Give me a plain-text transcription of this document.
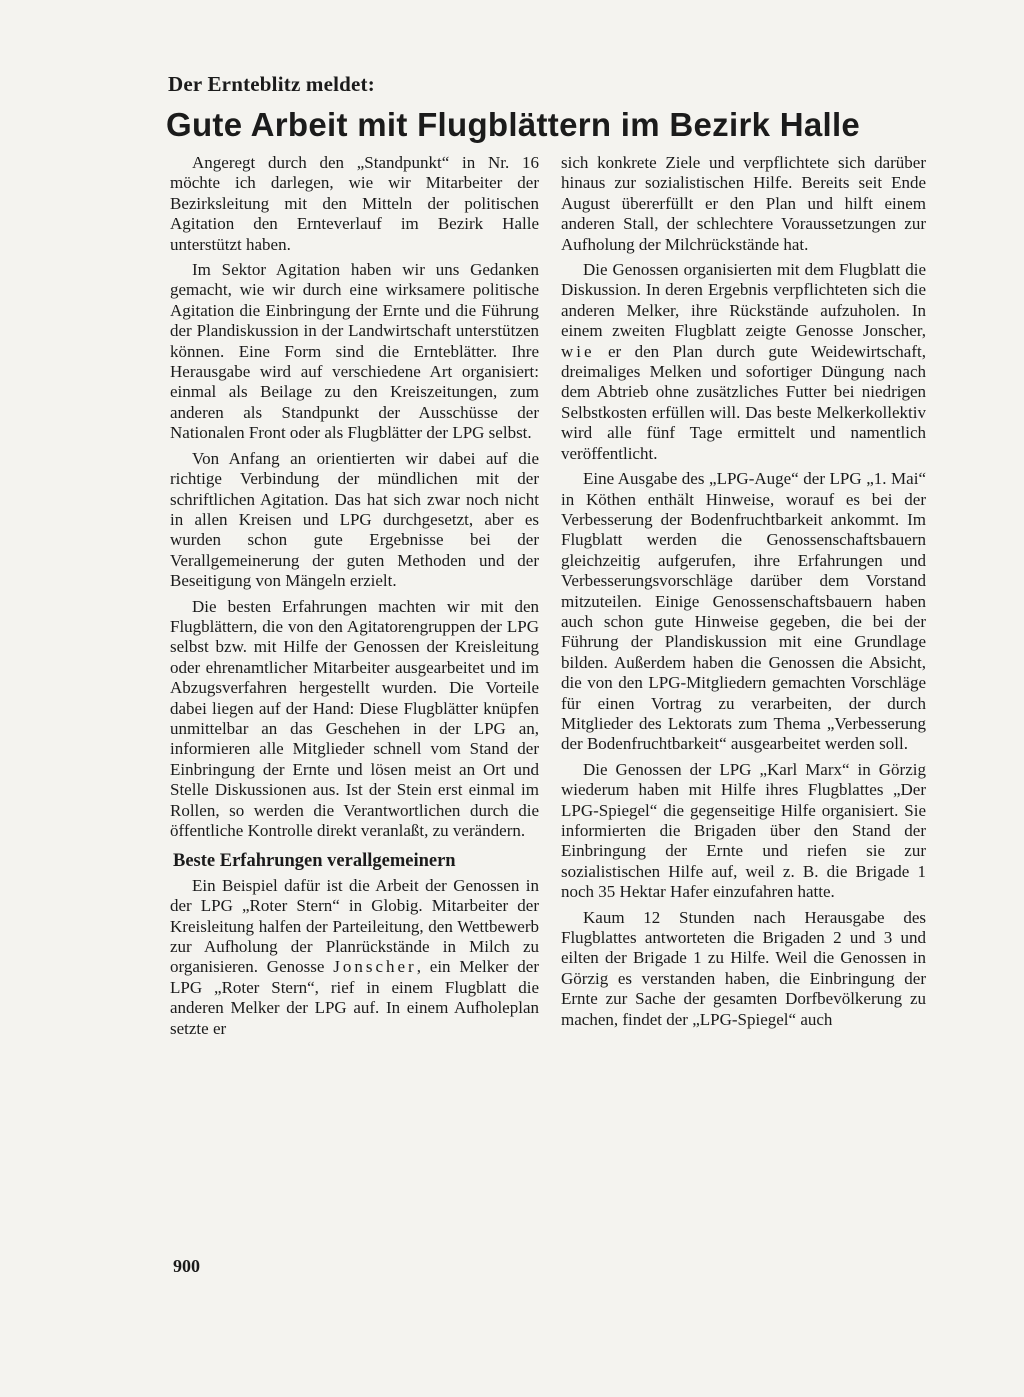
Der Ernteblitz meldet:
Gute Arbeit mit Flugblättern im Bezirk Halle

Angeregt durch den „Standpunkt“ in Nr. 16 möchte ich darlegen, wie wir Mitarbeiter der Bezirksleitung mit den Mitteln der politischen Agitation den Ernteverlauf im Bezirk Halle unterstützt haben.

Im Sektor Agitation haben wir uns Gedanken gemacht, wie wir durch eine wirksamere politische Agitation die Einbringung der Ernte und die Führung der Plandiskussion in der Landwirtschaft unterstützen können. Eine Form sind die Ernteblätter. Ihre Herausgabe wird auf verschiedene Art organisiert: einmal als Beilage zu den Kreiszeitungen, zum anderen als Standpunkt der Ausschüsse der Nationalen Front oder als Flugblätter der LPG selbst.

Von Anfang an orientierten wir dabei auf die richtige Verbindung der mündlichen mit der schriftlichen Agitation. Das hat sich zwar noch nicht in allen Kreisen und LPG durchgesetzt, aber es wurden schon gute Ergebnisse bei der Verallgemeinerung der guten Methoden und der Beseitigung von Mängeln erzielt.

Die besten Erfahrungen machten wir mit den Flugblättern, die von den Agitatorengruppen der LPG selbst bzw. mit Hilfe der Genossen der Kreisleitung oder ehrenamtlicher Mitarbeiter ausgearbeitet und im Abzugsverfahren hergestellt wurden. Die Vorteile dabei liegen auf der Hand: Diese Flugblätter knüpfen unmittelbar an das Geschehen in der LPG an, informieren alle Mitglieder schnell vom Stand der Einbringung der Ernte und lösen meist an Ort und Stelle Diskussionen aus. Ist der Stein erst einmal im Rollen, so werden die Verantwortlichen durch die öffentliche Kontrolle direkt veranlaßt, zu verändern.

Beste Erfahrungen verallgemeinern

Ein Beispiel dafür ist die Arbeit der Genossen in der LPG „Roter Stern“ in Globig. Mitarbeiter der Kreisleitung halfen der Parteileitung, den Wettbewerb zur Aufholung der Planrückstände in Milch zu organisieren. Genosse Jonscher, ein Melker der LPG „Roter Stern“, rief in einem Flugblatt die anderen Melker der LPG auf. In einem Aufholeplan setzte er

sich konkrete Ziele und verpflichtete sich darüber hinaus zur sozialistischen Hilfe. Bereits seit Ende August übererfüllt er den Plan und hilft einem anderen Stall, der schlechtere Voraussetzungen zur Aufholung der Milchrückstände hat.

Die Genossen organisierten mit dem Flugblatt die Diskussion. In deren Ergebnis verpflichteten sich die anderen Melker, ihre Rückstände aufzuholen. In einem zweiten Flugblatt zeigte Genosse Jonscher, wie er den Plan durch gute Weidewirtschaft, dreimaliges Melken und sofortiger Düngung nach dem Abtrieb ohne zusätzliches Futter bei niedrigen Selbstkosten erfüllen will. Das beste Melkerkollektiv wird alle fünf Tage ermittelt und namentlich veröffentlicht.

Eine Ausgabe des „LPG-Auge“ der LPG „1. Mai“ in Köthen enthält Hinweise, worauf es bei der Verbesserung der Bodenfruchtbarkeit ankommt. Im Flugblatt werden die Genossenschaftsbauern gleichzeitig aufgerufen, ihre Erfahrungen und Verbesserungsvorschläge darüber dem Vorstand mitzuteilen. Einige Genossenschaftsbauern haben auch schon gute Hinweise gegeben, die bei der Führung der Plandiskussion mit eine Grundlage bilden. Außerdem haben die Genossen die Absicht, die von den LPG-Mitgliedern gemachten Vorschläge für einen Vortrag zu verarbeiten, der durch Mitglieder des Lektorats zum Thema „Verbesserung der Bodenfruchtbarkeit“ ausgearbeitet werden soll.

Die Genossen der LPG „Karl Marx“ in Görzig wiederum haben mit Hilfe ihres Flugblattes „Der LPG-Spiegel“ die gegenseitige Hilfe organisiert. Sie informierten die Brigaden über den Stand der Einbringung der Ernte und riefen sie zur sozialistischen Hilfe auf, weil z. B. die Brigade 1 noch 35 Hektar Hafer einzufahren hatte.

Kaum 12 Stunden nach Herausgabe des Flugblattes antworteten die Brigaden 2 und 3 und eilten der Brigade 1 zu Hilfe. Weil die Genossen in Görzig es verstanden haben, die Einbringung der Ernte zur Sache der gesamten Dorfbevölkerung zu machen, findet der „LPG-Spiegel“ auch

900
